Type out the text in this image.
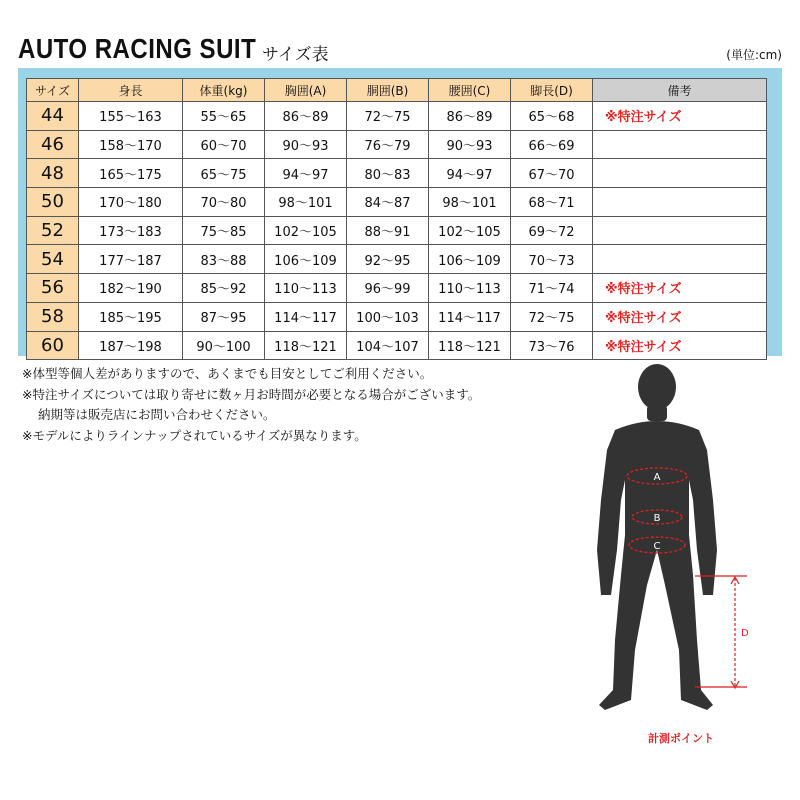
AUTO RACING SUIT サイズ表	(単位:cm)
サイズ	身長	体重(kg)	胸囲(A)	胴囲(B)	腰囲(C)	脚長(D)	備考
44	155〜163	55〜65	86〜89	72〜75	86〜89	65〜68	※特注サイズ
46	158〜170	60〜70	90〜93	76〜79	90〜93	66〜69	
48	165〜175	65〜75	94〜97	80〜83	94〜97	67〜70	
50	170〜180	70〜80	98〜101	84〜87	98〜101	68〜71	
52	173〜183	75〜85	102〜105	88〜91	102〜105	69〜72	
54	177〜187	83〜88	106〜109	92〜95	106〜109	70〜73	
56	182〜190	85〜92	110〜113	96〜99	110〜113	71〜74	※特注サイズ
58	185〜195	87〜95	114〜117	100〜103	114〜117	72〜75	※特注サイズ
60	187〜198	90〜100	118〜121	104〜107	118〜121	73〜76	※特注サイズ
※体型等個人差がありますので、あくまでも目安としてご利用ください。
※特注サイズについては取り寄せに数ヶ月お時間が必要となる場合がございます。
納期等は販売店にお問い合わせください。
※モデルによりラインナップされているサイズが異なります。
A
B
C
D
計測ポイント
